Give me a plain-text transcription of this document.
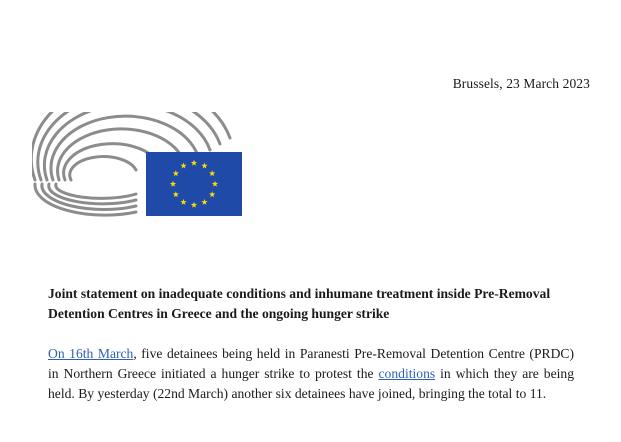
Brussels, 23 March 2023

Joint statement on inadequate conditions and inhumane treatment inside Pre-Removal Detention Centres in Greece and the ongoing hunger strike

On 16th March, five detainees being held in Paranesti Pre-Removal Detention Centre (PRDC) in Northern Greece initiated a hunger strike to protest the conditions in which they are being held. By yesterday (22nd March) another six detainees have joined, bringing the total to 11.
